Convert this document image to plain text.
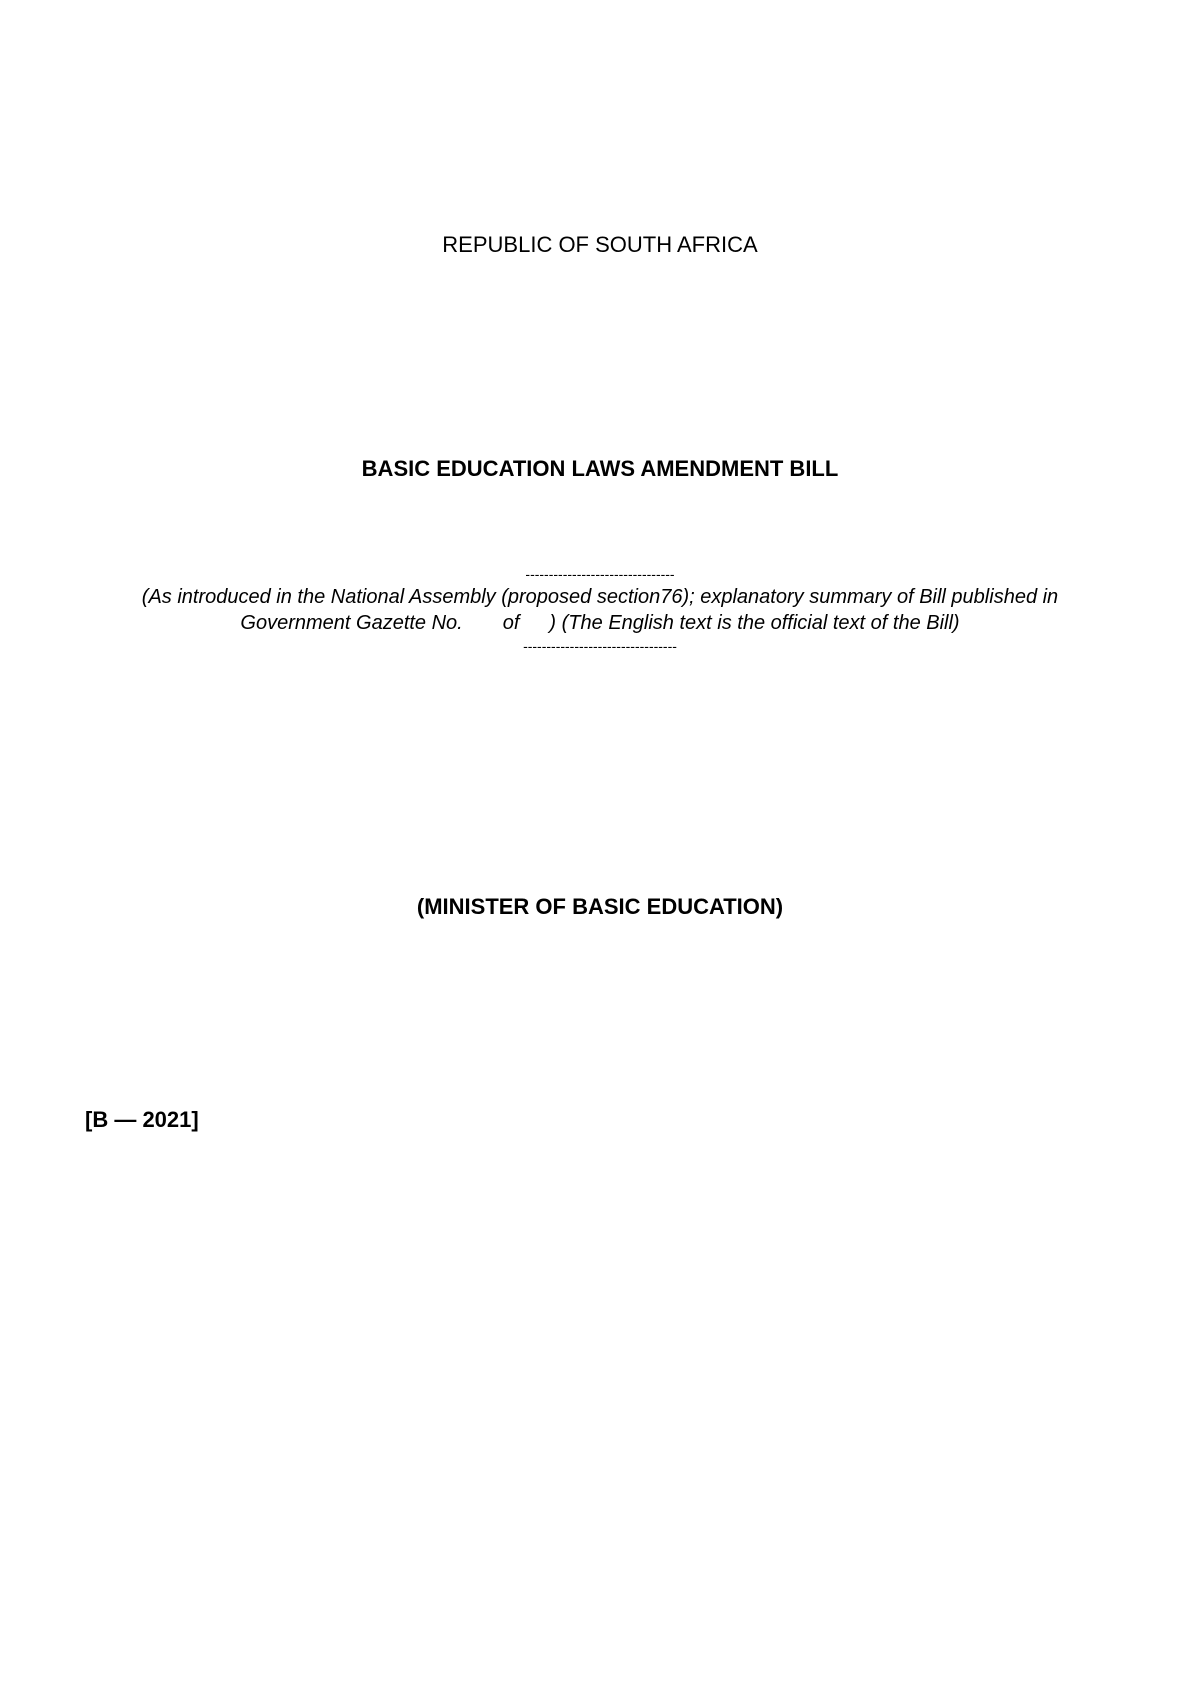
REPUBLIC OF SOUTH AFRICA
BASIC EDUCATION LAWS AMENDMENT BILL
--------------------------------
(As introduced in the National Assembly (proposed section76); explanatory summary of Bill published in
Government Gazette No. of ) (The English text is the official text of the Bill)
---------------------------------
(MINISTER OF BASIC EDUCATION)
[B — 2021]
